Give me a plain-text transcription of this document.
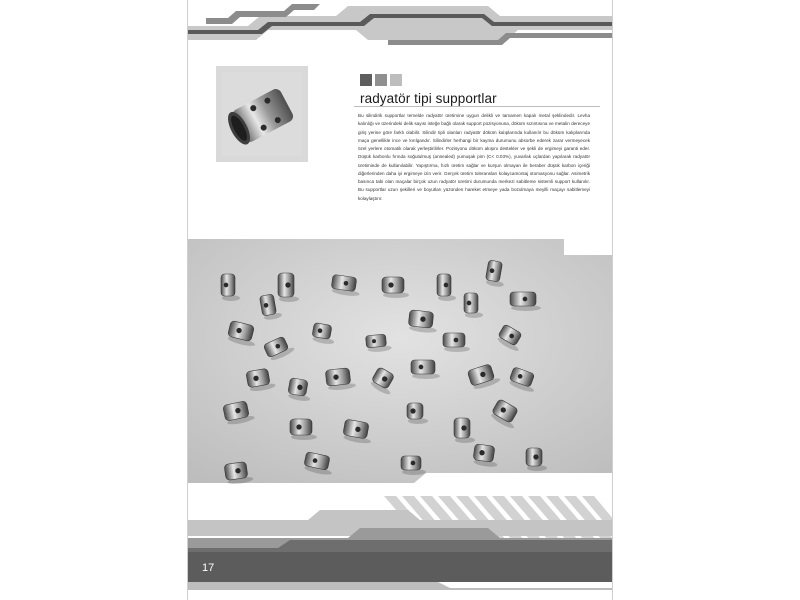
radyatör tipi supportlar

Bu silindirik supportlar temelde radyatör üretimine uygun delikli ve tamamen kapalı metal şeklindedir. Levha kalınlığı ve üzerindeki delik sayısı isteğe bağlı olarak support pozisyonuna, döküm sızıntısına ve metalin dereceye giriş yerine göre farklı olabilir. Silindir tipli olanları radyatör döküm kalıplarında kullanılır bu döküm kalıplarında maça genellikle ince ve kırılgandır. Silindirler herhangi bir kayma durumunu absorbe ederek zarar vermeyecek özel yerlere otomatik olarak yerleştirilirler. Pozisyonu döküm akışını destekler ve şekli de ergimeyi garanti eder. Düşük karbonlu fırında soğutulmuş (annealed) yumuşak pim (C< 0.03%), yuvarlak uçlardan yapılarak radyatör üretiminde de kullanılabilir. Yapıştırma, hızlı üretim sağlar ve kurşun olmayan ile beraber düşük karbon içeriği diğerlerinden daha iyi ergimeye izin verir. Gerçek üretim toleransları kolaycamontaj otomasyonu sağlar. Asimetrik basınca tabi olan maçalar birçok uzun radyatör üretimi durumunda merkezi sabitleme sistemli support kullanılır. Bu supportlar uzun şekilleri ve boyutları yüzünden hareket etmeye yada bozulmaya meyilli maçayı sabitlemeyi kolaylaştırır.

17
